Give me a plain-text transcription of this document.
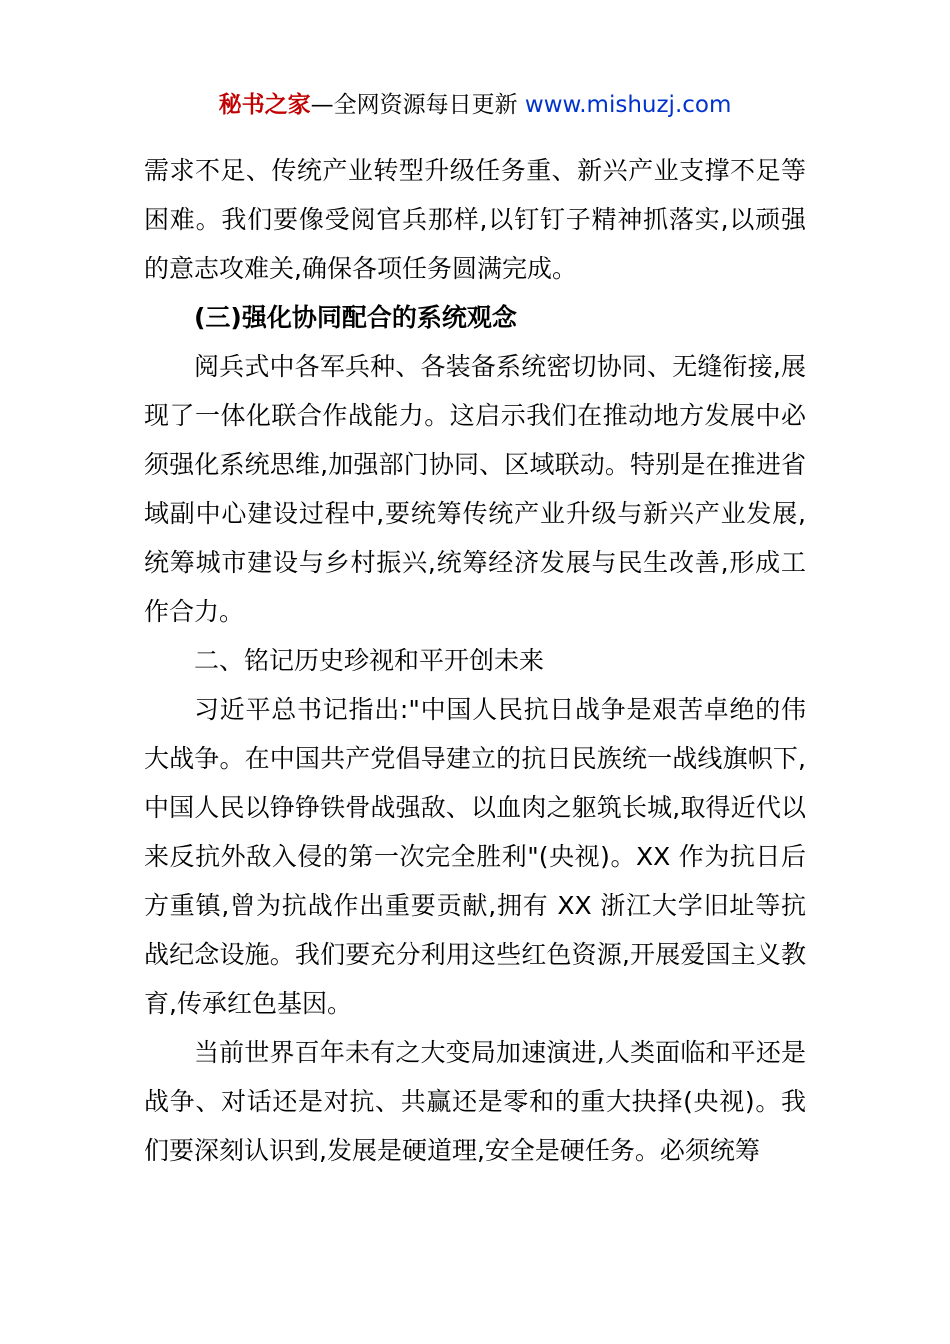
秘书之家—全网资源每日更新 www.mishuzj.com

需求不足、传统产业转型升级任务重、新兴产业支撑不足等困难。我们要像受阅官兵那样,以钉钉子精神抓落实,以顽强的意志攻难关,确保各项任务圆满完成。

(三)强化协同配合的系统观念

阅兵式中各军兵种、各装备系统密切协同、无缝衔接,展现了一体化联合作战能力。这启示我们在推动地方发展中必须强化系统思维,加强部门协同、区域联动。特别是在推进省域副中心建设过程中,要统筹传统产业升级与新兴产业发展,统筹城市建设与乡村振兴,统筹经济发展与民生改善,形成工作合力。

二、铭记历史珍视和平开创未来

习近平总书记指出:"中国人民抗日战争是艰苦卓绝的伟大战争。在中国共产党倡导建立的抗日民族统一战线旗帜下,中国人民以铮铮铁骨战强敌、以血肉之躯筑长城,取得近代以来反抗外敌入侵的第一次完全胜利"(央视)。XX 作为抗日后方重镇,曾为抗战作出重要贡献,拥有 XX 浙江大学旧址等抗战纪念设施。我们要充分利用这些红色资源,开展爱国主义教育,传承红色基因。

当前世界百年未有之大变局加速演进,人类面临和平还是战争、对话还是对抗、共赢还是零和的重大抉择(央视)。我们要深刻认识到,发展是硬道理,安全是硬任务。必须统筹
